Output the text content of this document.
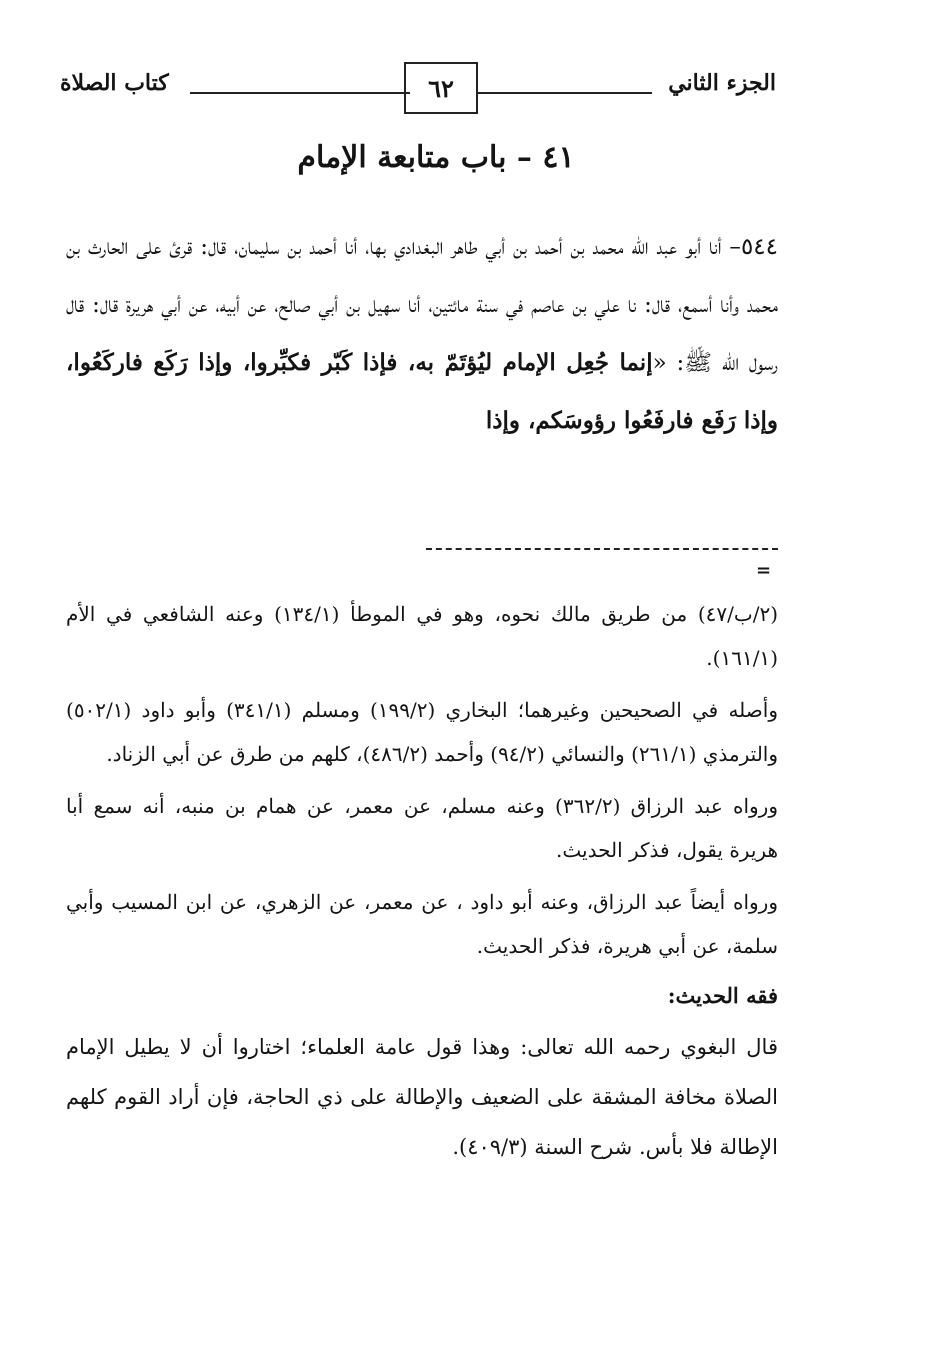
الجزء الثاني
٦٢
كتاب الصلاة
٤١ – باب متابعة الإمام

٥٤٤– أنا أبو عبد الله محمد بن أحمد بن أبي طاهر البغدادي بها، أنا أحمد بن سليمان، قال: قرئ على الحارث بن محمد وأنا أسمع، قال: نا علي بن عاصم في سنة مائتين، أنا سهيل بن أبي صالح، عن أبيه، عن أبي هريرة قال: قال رسول الله ﷺ: «إنما جُعِل الإمام ليُؤتَمّ به، فإذا كَبّر فكبِّروا، وإذا رَكَع فاركَعُوا، وإذا رَفَع فارفَعُوا رؤوسَكم، وإذا

=

(٢/ب/٤٧) من طريق مالك نحوه، وهو في الموطأ (١٣٤/١) وعنه الشافعي في الأم (١٦١/١).

وأصله في الصحيحين وغيرهما؛ البخاري (١٩٩/٢) ومسلم (٣٤١/١) وأبو داود (٥٠٢/١) والترمذي (٢٦١/١) والنسائي (٩٤/٢) وأحمد (٤٨٦/٢)، كلهم من طرق عن أبي الزناد.

ورواه عبد الرزاق (٣٦٢/٢) وعنه مسلم، عن معمر، عن همام بن منبه، أنه سمع أبا هريرة يقول، فذكر الحديث.

ورواه أيضاً عبد الرزاق، وعنه أبو داود ، عن معمر، عن الزهري، عن ابن المسيب وأبي سلمة، عن أبي هريرة، فذكر الحديث.

فقه الحديث:

قال البغوي رحمه الله تعالى: وهذا قول عامة العلماء؛ اختاروا أن لا يطيل الإمام الصلاة مخافة المشقة على الضعيف والإطالة على ذي الحاجة، فإن أراد القوم كلهم الإطالة فلا بأس. شرح السنة (٤٠٩/٣).
